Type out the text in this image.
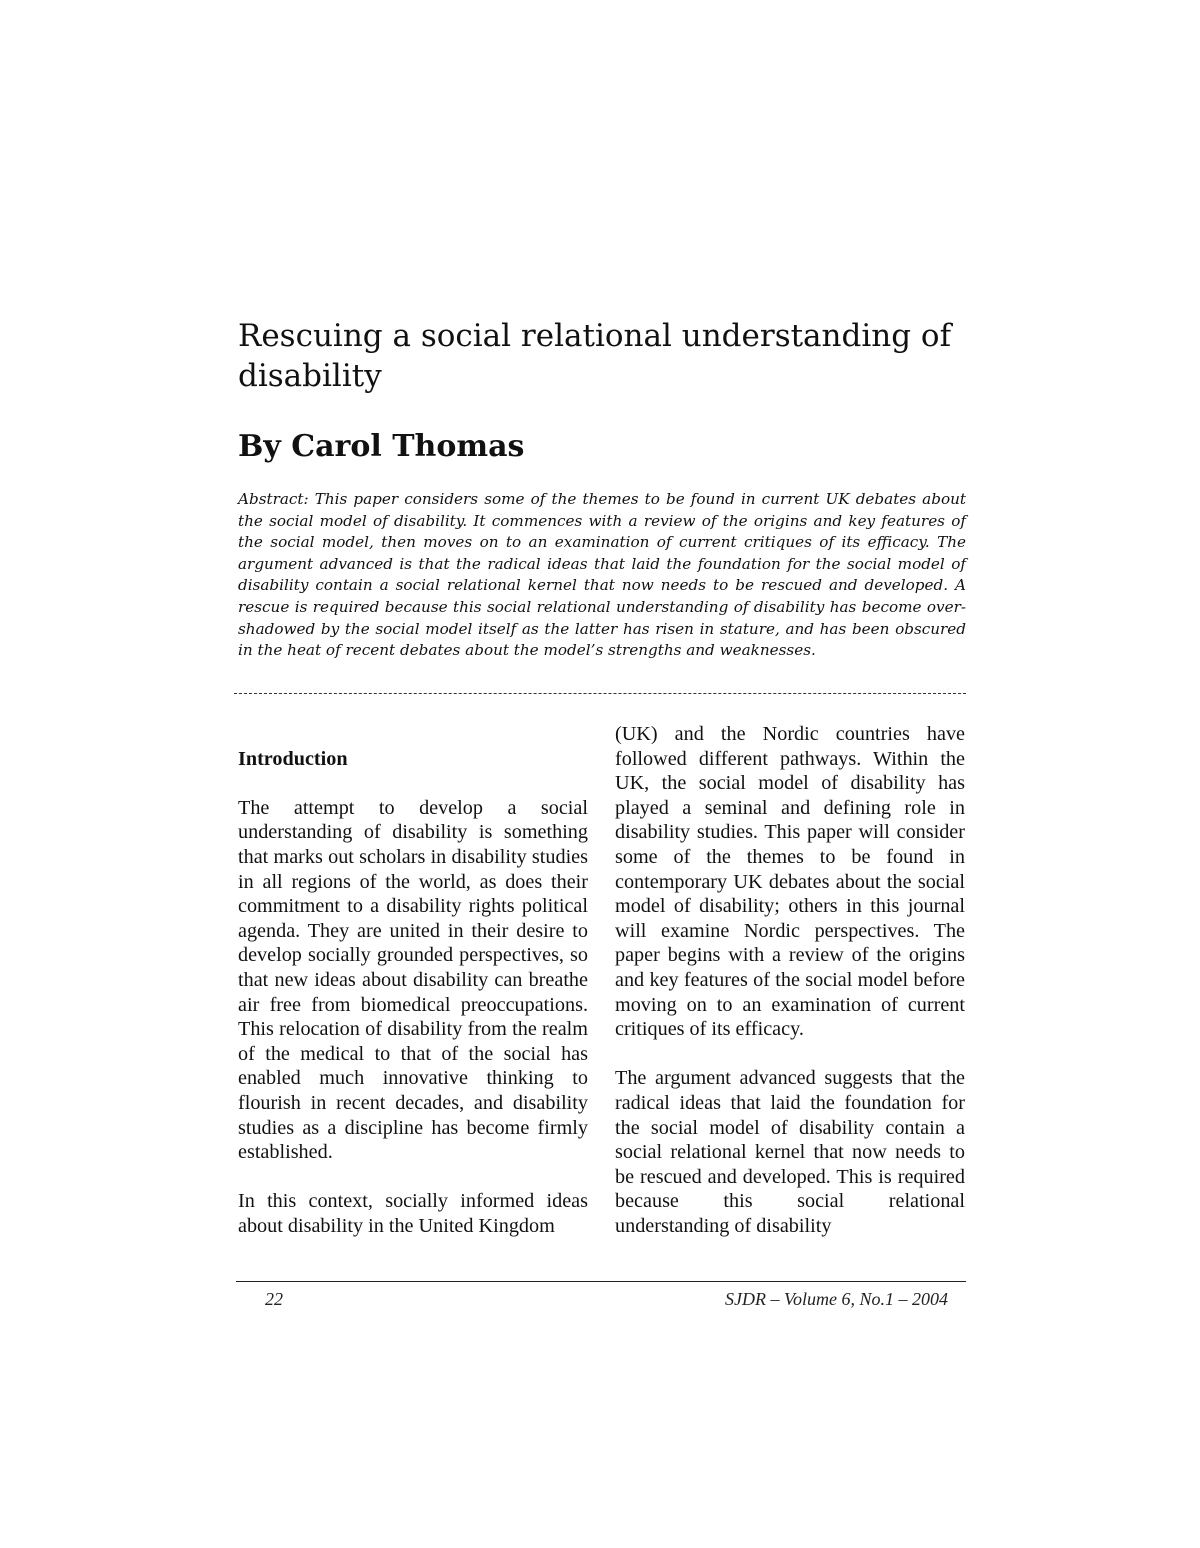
Rescuing a social relational understanding of disability
By Carol Thomas

Abstract: This paper considers some of the themes to be found in current UK debates about the social model of disability. It commences with a review of the origins and key features of the social model, then moves on to an examination of current critiques of its efficacy. The argument advanced is that the radical ideas that laid the foundation for the social model of disability contain a social relational kernel that now needs to be rescued and developed. A rescue is required because this social relational understanding of disability has become over-shadowed by the social model itself as the latter has risen in stature, and has been obscured in the heat of recent debates about the model’s strengths and weaknesses.

Introduction

The attempt to develop a social understanding of disability is something that marks out scholars in disability studies in all regions of the world, as does their commitment to a disability rights political agenda. They are united in their desire to develop socially grounded perspectives, so that new ideas about disability can breathe air free from biomedical preoccupations. This relocation of disability from the realm of the medical to that of the social has enabled much innovative thinking to flourish in recent decades, and disability studies as a discipline has become firmly established.

In this context, socially informed ideas about disability in the United Kingdom

(UK) and the Nordic countries have followed different pathways. Within the UK, the social model of disability has played a seminal and defining role in disability studies. This paper will consider some of the themes to be found in contemporary UK debates about the social model of disability; others in this journal will examine Nordic perspectives. The paper begins with a review of the origins and key features of the social model before moving on to an examination of current critiques of its efficacy.

The argument advanced suggests that the radical ideas that laid the foundation for the social model of disability contain a social relational kernel that now needs to be rescued and developed. This is required because this social relational understanding of disability

22	SJDR – Volume 6, No.1 – 2004
